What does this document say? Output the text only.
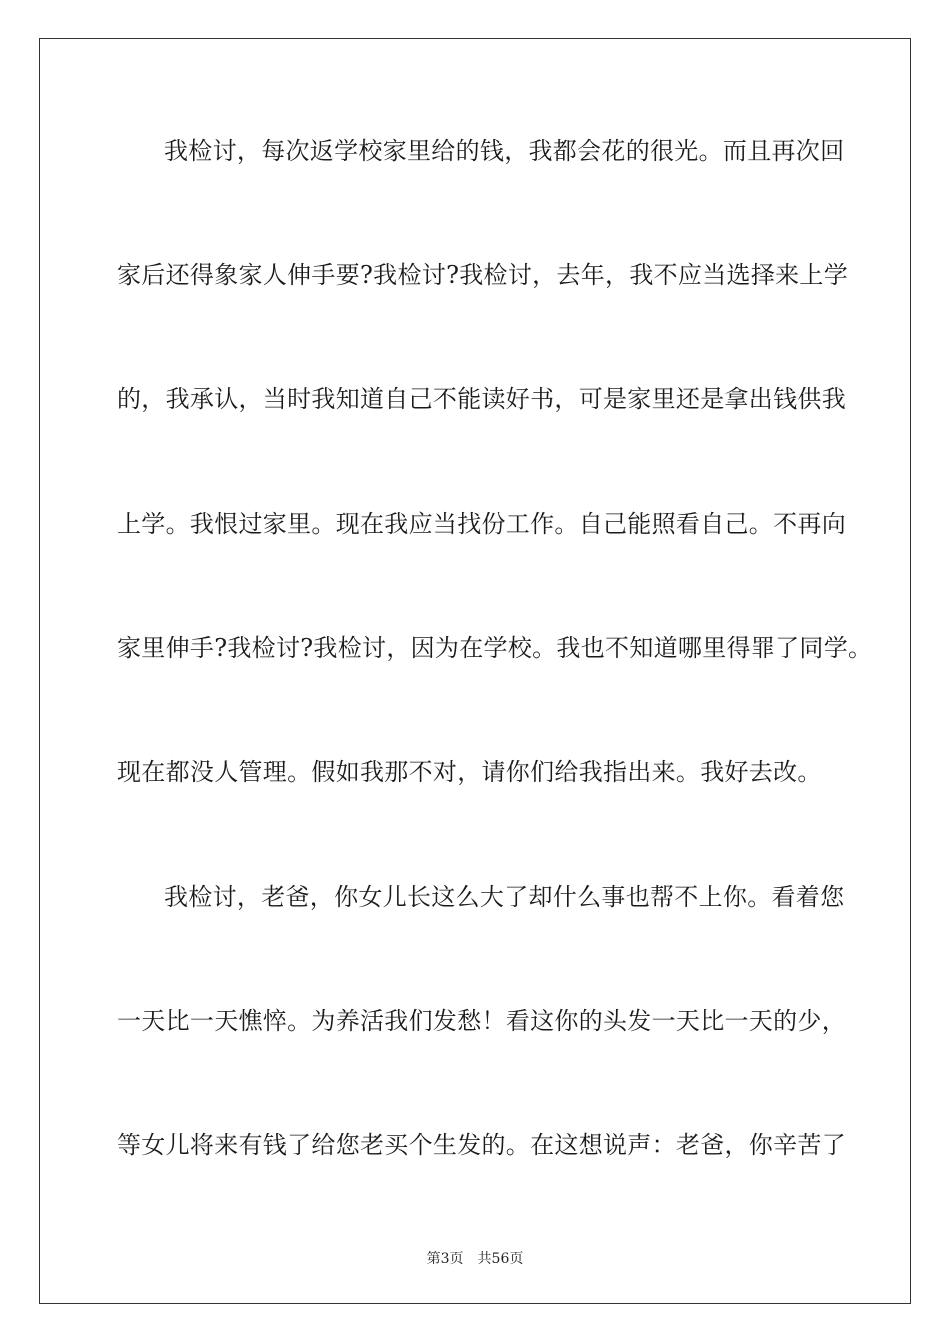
我检讨，每次返学校家里给的钱，我都会花的很光。而且再次回
家后还得象家人伸手要?我检讨?我检讨，去年，我不应当选择来上学
的，我承认，当时我知道自己不能读好书，可是家里还是拿出钱供我
上学。我恨过家里。现在我应当找份工作。自己能照看自己。不再向
家里伸手?我检讨?我检讨，因为在学校。我也不知道哪里得罪了同学。
现在都没人管理。假如我那不对，请你们给我指出来。我好去改。
我检讨，老爸，你女儿长这么大了却什么事也帮不上你。看着您
一天比一天憔悴。为养活我们发愁！看这你的头发一天比一天的少，
等女儿将来有钱了给您老买个生发的。在这想说声：老爸，你辛苦了
第3页 共56页
